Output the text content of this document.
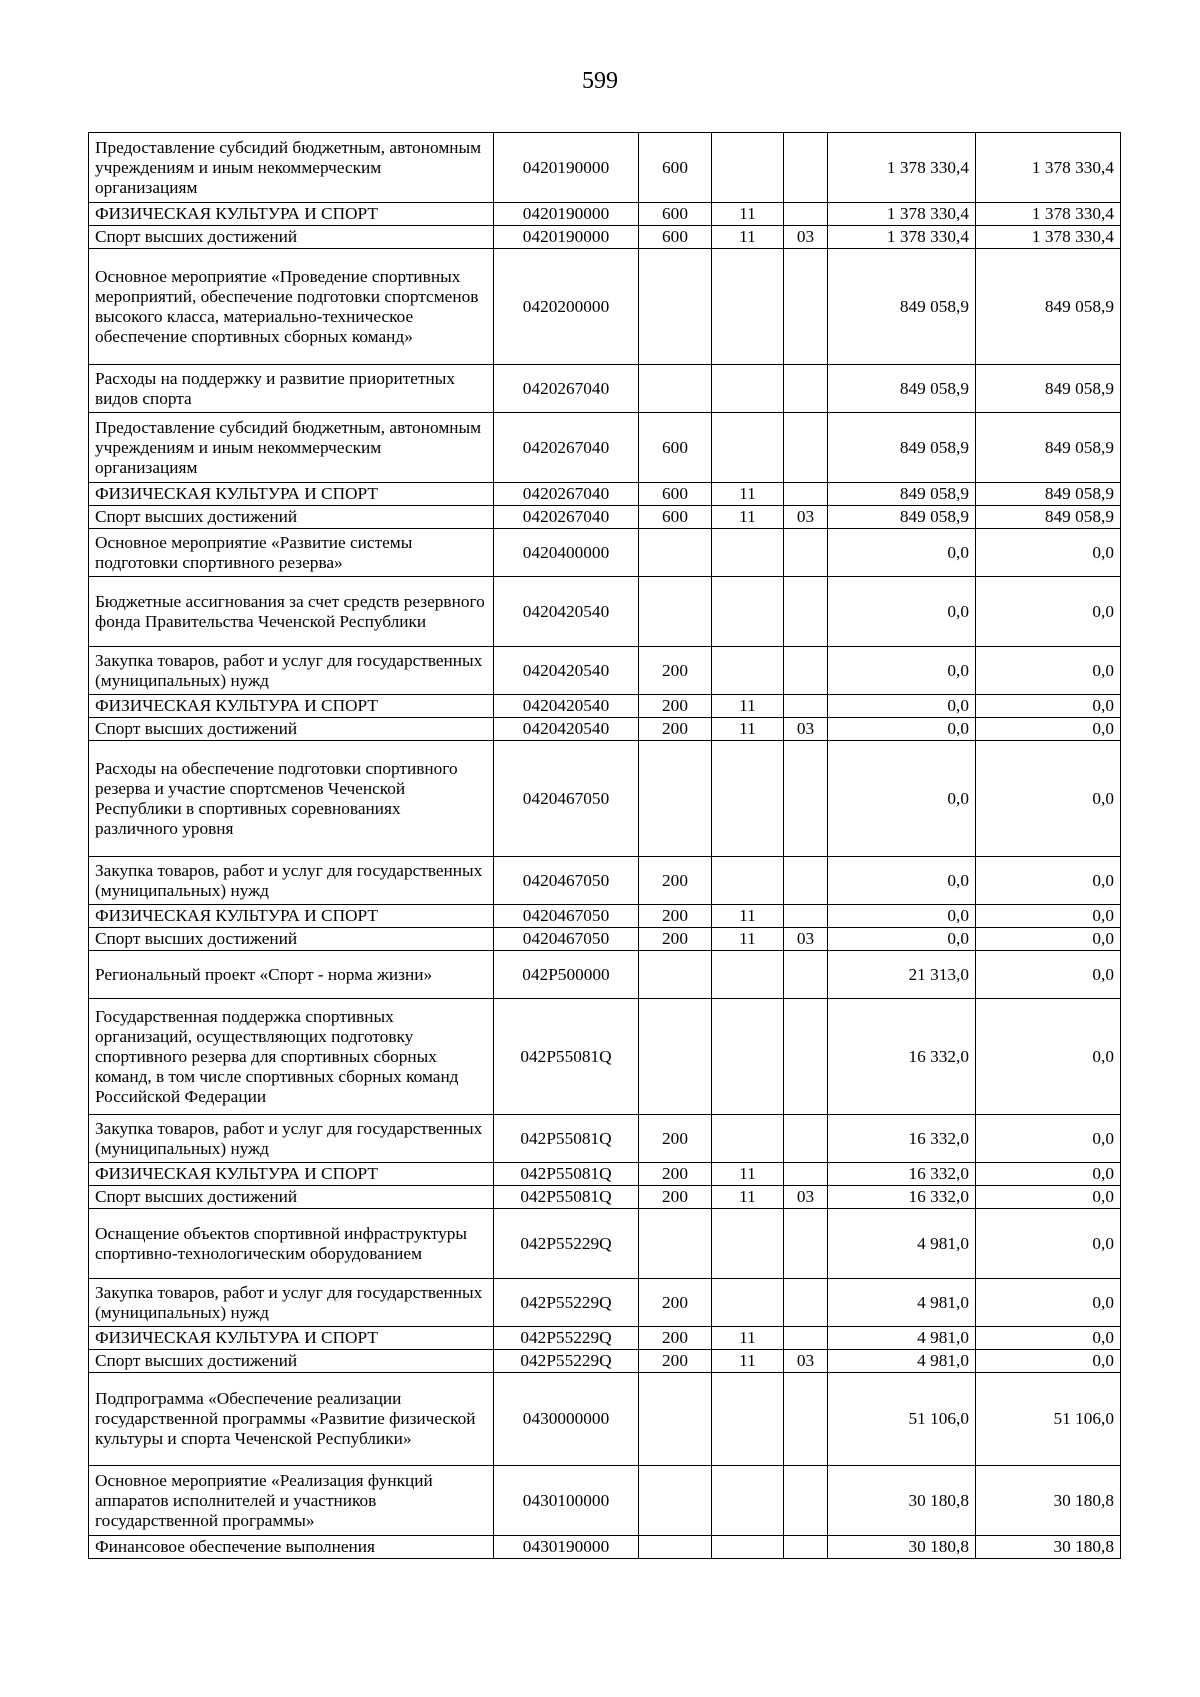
599
Предоставление субсидий бюджетным, автономным учреждениям и иным некоммерческим организациям	0420190000	600			1 378 330,4	1 378 330,4
ФИЗИЧЕСКАЯ КУЛЬТУРА И СПОРТ	0420190000	600	11		1 378 330,4	1 378 330,4
Спорт высших достижений	0420190000	600	11	03	1 378 330,4	1 378 330,4
Основное мероприятие «Проведение спортивных мероприятий, обеспечение подготовки спортсменов высокого класса, материально-техническое обеспечение спортивных сборных команд»	0420200000				849 058,9	849 058,9
Расходы на поддержку и развитие приоритетных видов спорта	0420267040				849 058,9	849 058,9
Предоставление субсидий бюджетным, автономным учреждениям и иным некоммерческим организациям	0420267040	600			849 058,9	849 058,9
ФИЗИЧЕСКАЯ КУЛЬТУРА И СПОРТ	0420267040	600	11		849 058,9	849 058,9
Спорт высших достижений	0420267040	600	11	03	849 058,9	849 058,9
Основное мероприятие «Развитие системы подготовки спортивного резерва»	0420400000				0,0	0,0
Бюджетные ассигнования за счет средств резервного фонда Правительства Чеченской Республики	0420420540				0,0	0,0
Закупка товаров, работ и услуг для государственных (муниципальных) нужд	0420420540	200			0,0	0,0
ФИЗИЧЕСКАЯ КУЛЬТУРА И СПОРТ	0420420540	200	11		0,0	0,0
Спорт высших достижений	0420420540	200	11	03	0,0	0,0
Расходы на обеспечение подготовки спортивного резерва и участие спортсменов Чеченской Республики в спортивных соревнованиях различного уровня	0420467050				0,0	0,0
Закупка товаров, работ и услуг для государственных (муниципальных) нужд	0420467050	200			0,0	0,0
ФИЗИЧЕСКАЯ КУЛЬТУРА И СПОРТ	0420467050	200	11		0,0	0,0
Спорт высших достижений	0420467050	200	11	03	0,0	0,0
Региональный проект «Спорт - норма жизни»	042P500000				21 313,0	0,0
Государственная поддержка спортивных организаций, осуществляющих подготовку спортивного резерва для спортивных сборных команд, в том числе спортивных сборных команд Российской Федерации	042P55081Q				16 332,0	0,0
Закупка товаров, работ и услуг для государственных (муниципальных) нужд	042P55081Q	200			16 332,0	0,0
ФИЗИЧЕСКАЯ КУЛЬТУРА И СПОРТ	042P55081Q	200	11		16 332,0	0,0
Спорт высших достижений	042P55081Q	200	11	03	16 332,0	0,0
Оснащение объектов спортивной инфраструктуры спортивно-технологическим оборудованием	042P55229Q				4 981,0	0,0
Закупка товаров, работ и услуг для государственных (муниципальных) нужд	042P55229Q	200			4 981,0	0,0
ФИЗИЧЕСКАЯ КУЛЬТУРА И СПОРТ	042P55229Q	200	11		4 981,0	0,0
Спорт высших достижений	042P55229Q	200	11	03	4 981,0	0,0
Подпрограмма «Обеспечение реализации государственной программы «Развитие физической культуры и спорта Чеченской Республики»	0430000000				51 106,0	51 106,0
Основное мероприятие «Реализация функций аппаратов исполнителей и участников государственной программы»	0430100000				30 180,8	30 180,8
Финансовое обеспечение выполнения	0430190000				30 180,8	30 180,8
